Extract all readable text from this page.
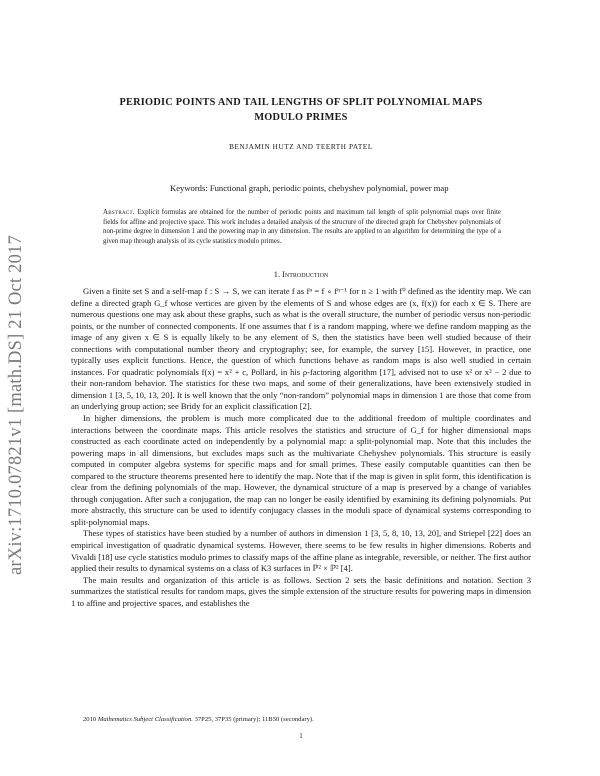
arXiv:1710.07821v1 [math.DS] 21 Oct 2017
PERIODIC POINTS AND TAIL LENGTHS OF SPLIT POLYNOMIAL MAPS
MODULO PRIMES
BENJAMIN HUTZ AND TEERTH PATEL
Keywords: Functional graph, periodic points, chebyshev polynomial, power map
Abstract. Explicit formulas are obtained for the number of periodic points and maximum tail length of split polynomial maps over finite fields for affine and projective space. This work includes a detailed analysis of the structure of the directed graph for Chebyshev polynomials of non-prime degree in dimension 1 and the powering map in any dimension. The results are applied to an algorithm for determining the type of a given map through analysis of its cycle statistics modulo primes.
1. Introduction

Given a finite set S and a self-map f : S → S, we can iterate f as fⁿ = f ∘ fⁿ⁻¹ for n ≥ 1 with f⁰ defined as the identity map. We can define a directed graph G_f whose vertices are given by the elements of S and whose edges are (x, f(x)) for each x ∈ S. There are numerous questions one may ask about these graphs, such as what is the overall structure, the number of periodic versus non-periodic points, or the number of connected components. If one assumes that f is a random mapping, where we define random mapping as the image of any given x ∈ S is equally likely to be any element of S, then the statistics have been well studied because of their connections with computational number theory and cryptography; see, for example, the survey [15]. However, in practice, one typically uses explicit functions. Hence, the question of which functions behave as random maps is also well studied in certain instances. For quadratic polynomials f(x) = x² + c, Pollard, in his ρ-factoring algorithm [17], advised not to use x² or x² − 2 due to their non-random behavior. The statistics for these two maps, and some of their generalizations, have been extensively studied in dimension 1 [3, 5, 10, 13, 20]. It is well known that the only “non-random” polynomial maps in dimension 1 are those that come from an underlying group action; see Bridy for an explicit classification [2].

In higher dimensions, the problem is much more complicated due to the additional freedom of multiple coordinates and interactions between the coordinate maps. This article resolves the statistics and structure of G_f for higher dimensional maps constructed as each coordinate acted on independently by a polynomial map: a split-polynomial map. Note that this includes the powering maps in all dimensions, but excludes maps such as the multivariate Chebyshev polynomials. This structure is easily computed in computer algebra systems for specific maps and for small primes. These easily computable quantities can then be compared to the structure theorems presented here to identify the map. Note that if the map is given in split form, this identification is clear from the defining polynomials of the map. However, the dynamical structure of a map is preserved by a change of variables through conjugation. After such a conjugation, the map can no longer be easily identified by examining its defining polynomials. Put more abstractly, this structure can be used to identify conjugacy classes in the moduli space of dynamical systems corresponding to split-polynomial maps.

These types of statistics have been studied by a number of authors in dimension 1 [3, 5, 8, 10, 13, 20], and Striepel [22] does an empirical investigation of quadratic dynamical systems. However, there seems to be few results in higher dimensions. Roberts and Vivaldi [18] use cycle statistics modulo primes to classify maps of the affine plane as integrable, reversible, or neither. The first author applied their results to dynamical systems on a class of K3 surfaces in ℙ² × ℙ² [4].

The main results and organization of this article is as follows. Section 2 sets the basic definitions and notation. Section 3 summarizes the statistical results for random maps, gives the simple extension of the structure results for powering maps in dimension 1 to affine and projective spaces, and establishes the

2010 Mathematics Subject Classification. 37P25, 37P35 (primary); 11B50 (secondary).
1
